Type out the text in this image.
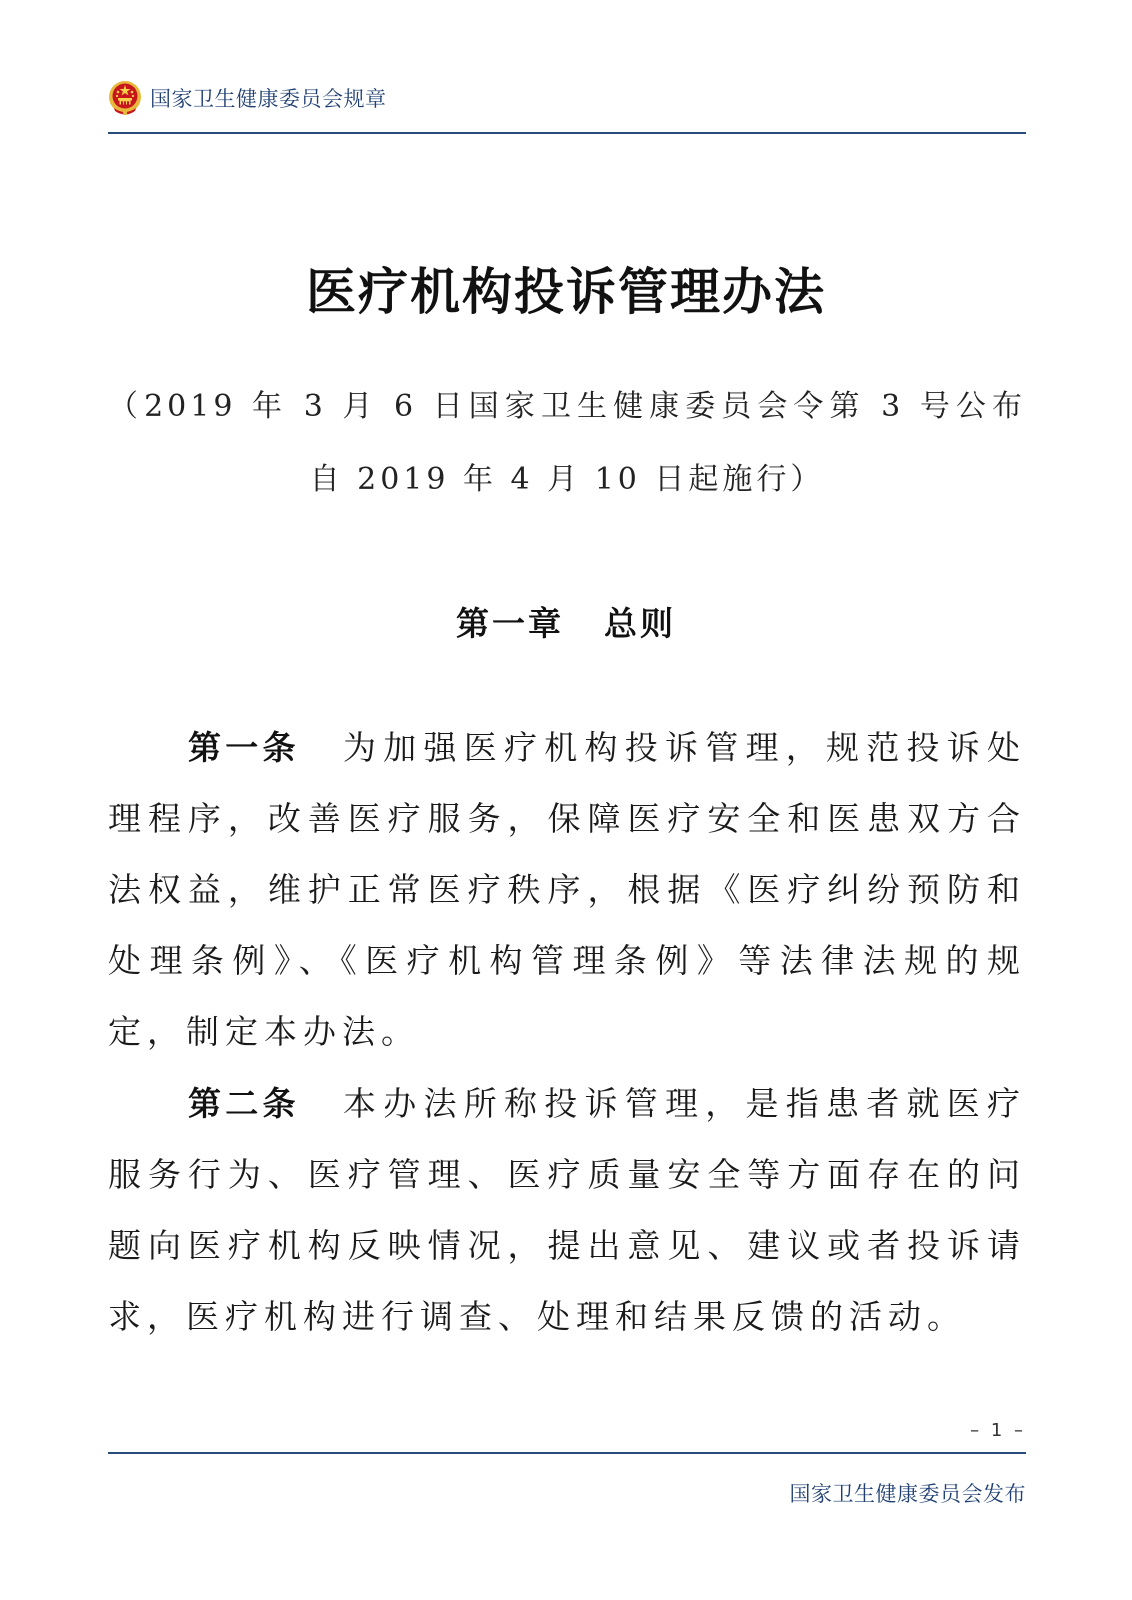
国家卫生健康委员会规章
医疗机构投诉管理办法
（2019 年 3 月 6 日国家卫生健康委员会令第 3 号公布　自 2019 年 4 月 10 日起施行）
第一章 总则
第一条 为加强医疗机构投诉管理，规范投诉处理程序，改善医疗服务，保障医疗安全和医患双方合法权益，维护正常医疗秩序，根据《医疗纠纷预防和处理条例》、《医疗机构管理条例》等法律法规的规定，制定本办法。
第二条 本办法所称投诉管理，是指患者就医疗服务行为、医疗管理、医疗质量安全等方面存在的问题向医疗机构反映情况，提出意见、建议或者投诉请求，医疗机构进行调查、处理和结果反馈的活动。
– 1 –
国家卫生健康委员会发布
